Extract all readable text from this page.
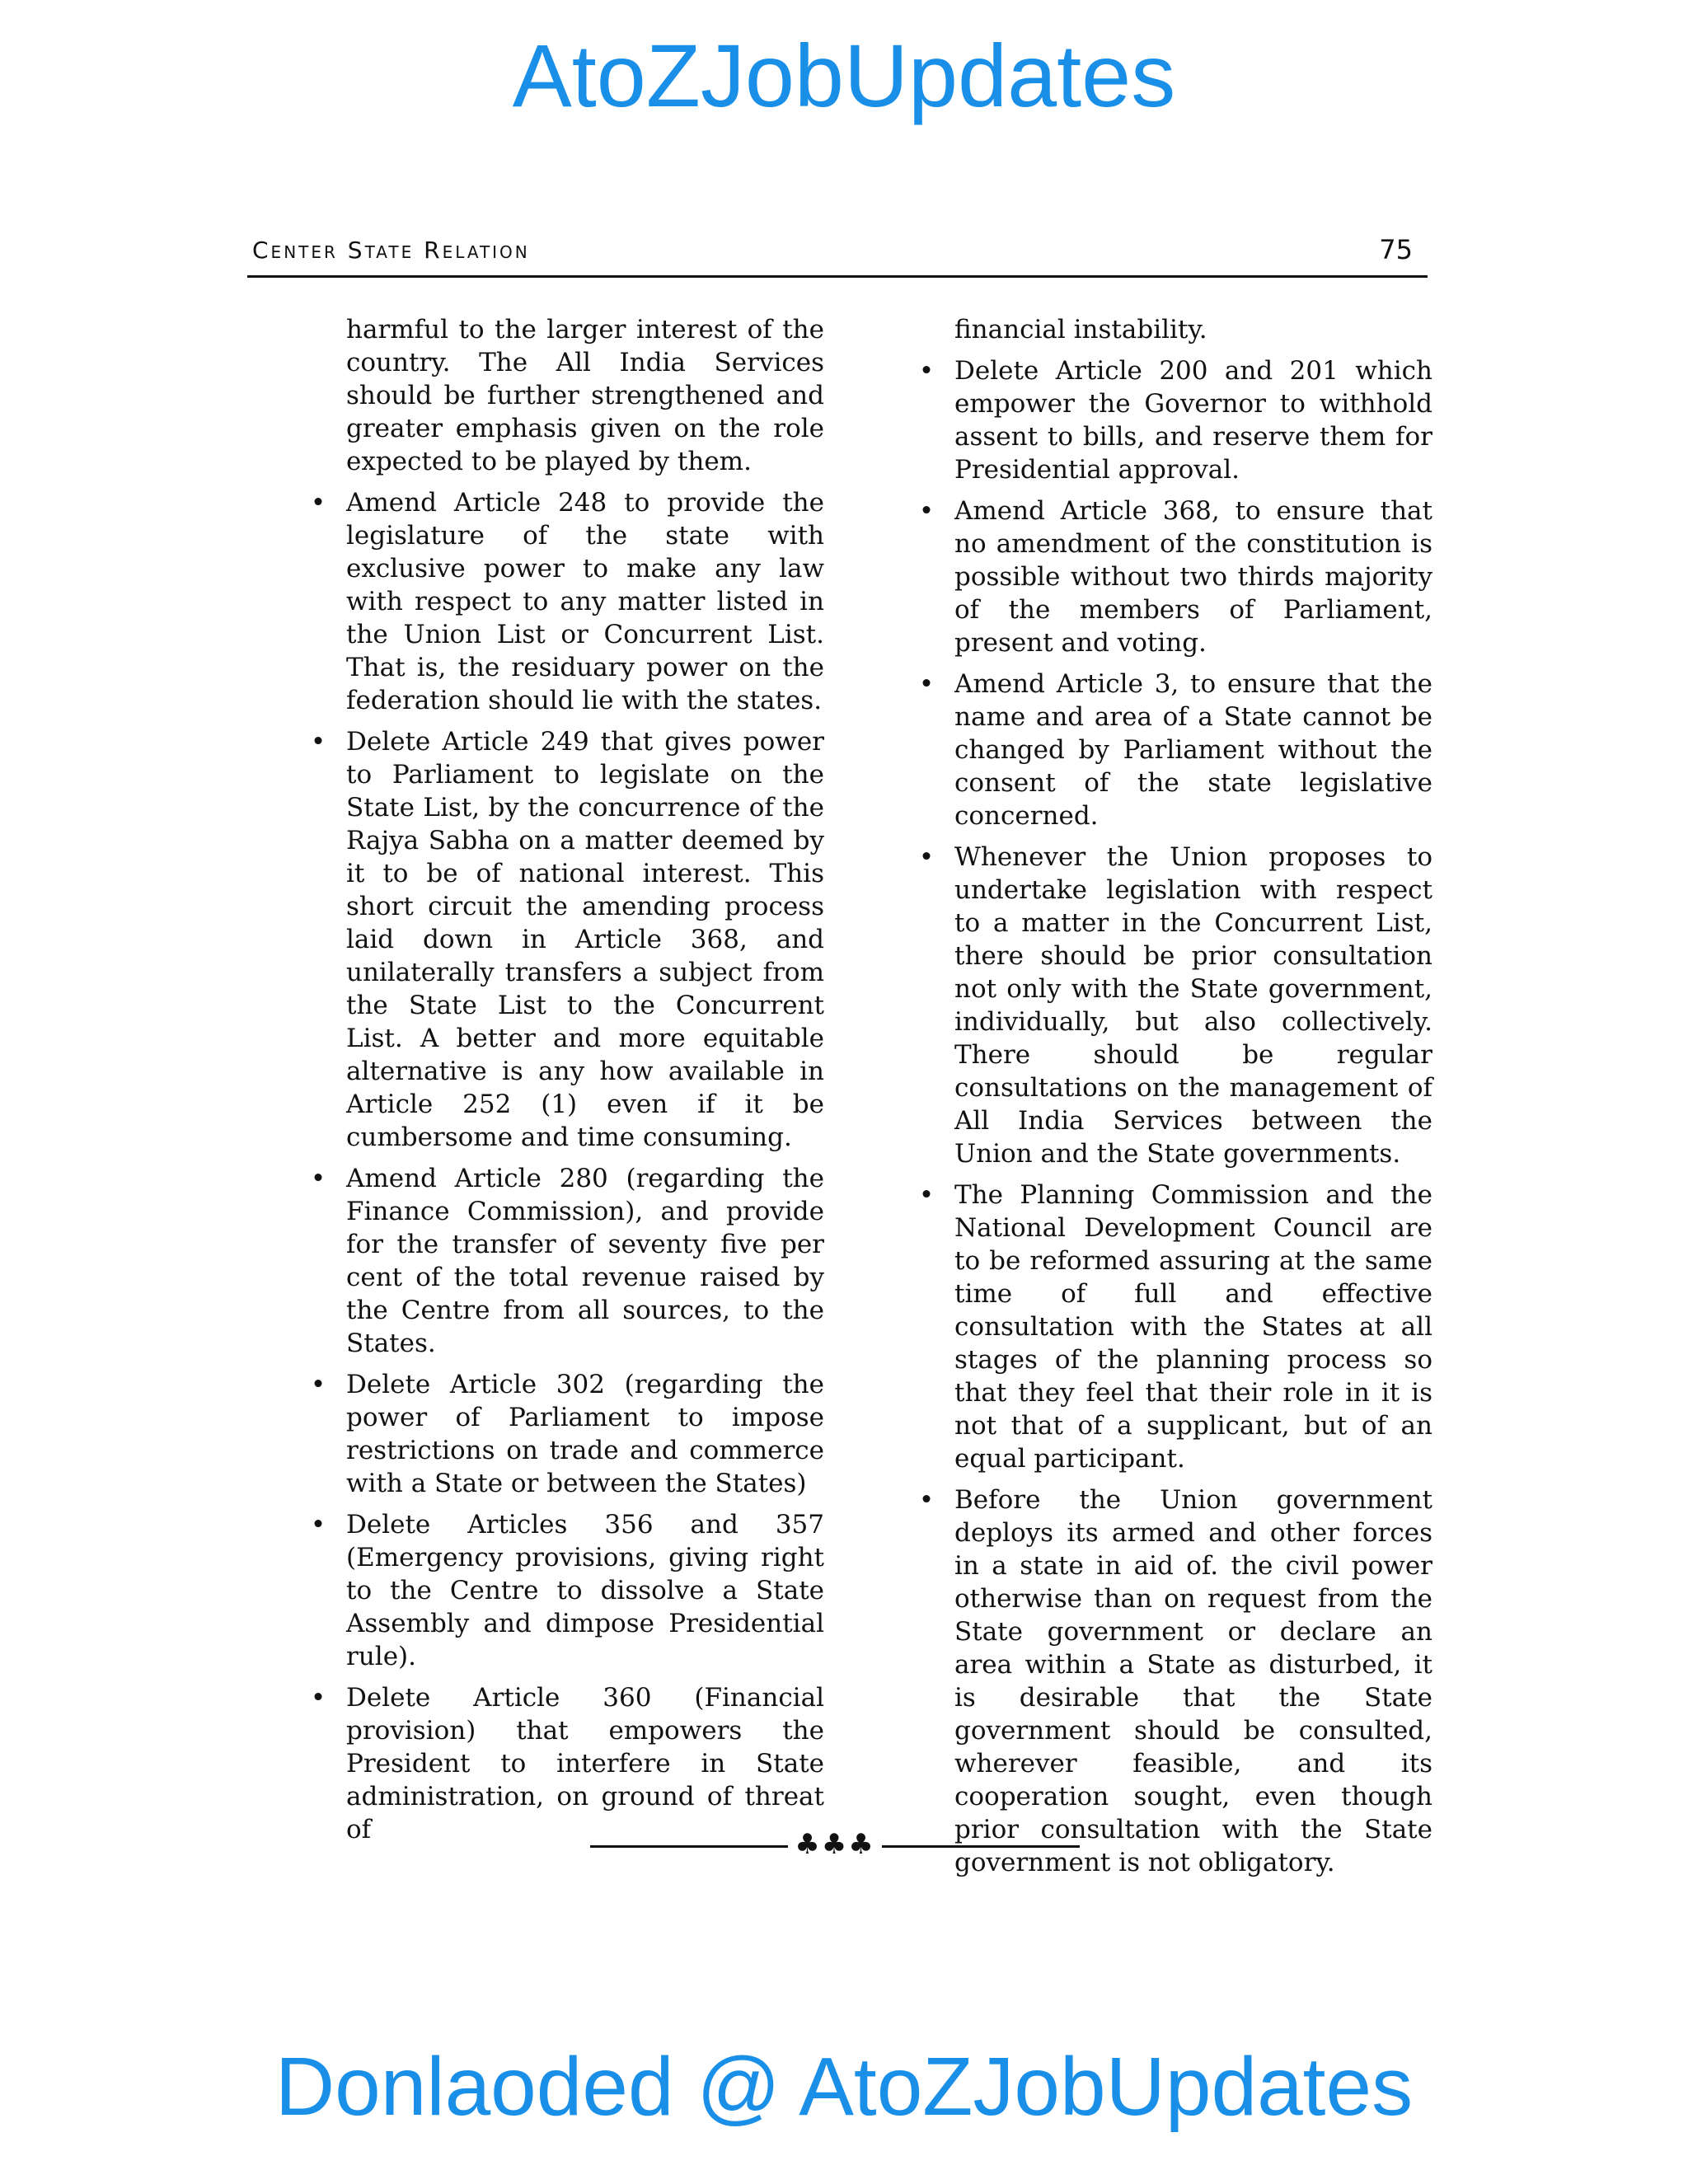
AtoZJobUpdates
Center State Relation	75

harmful to the larger interest of the country. The All India Services should be further strengthened and greater emphasis given on the role expected to be played by them.

• Amend Article 248 to provide the legislature of the state with exclusive power to make any law with respect to any matter listed in the Union List or Concurrent List. That is, the residuary power on the federation should lie with the states.
• Delete Article 249 that gives power to Parliament to legislate on the State List, by the concurrence of the Rajya Sabha on a matter deemed by it to be of national interest. This short circuit the amending process laid down in Article 368, and unilaterally transfers a subject from the State List to the Concurrent List. A better and more equitable alternative is any how available in Article 252 (1) even if it be cumbersome and time consuming.
• Amend Article 280 (regarding the Finance Commission), and provide for the transfer of seventy five per cent of the total revenue raised by the Centre from all sources, to the States.
• Delete Article 302 (regarding the power of Parliament to impose restrictions on trade and commerce with a State or between the States)
• Delete Articles 356 and 357 (Emergency provisions, giving right to the Centre to dissolve a State Assembly and dimpose Presidential rule).
• Delete Article 360 (Financial provision) that empowers the President to interfere in State administration, on ground of threat of

financial instability.

• Delete Article 200 and 201 which empower the Governor to withhold assent to bills, and reserve them for Presidential approval.
• Amend Article 368, to ensure that no amendment of the constitution is possible without two thirds majority of the members of Parliament, present and voting.
• Amend Article 3, to ensure that the name and area of a State cannot be changed by Parliament without the consent of the state legislative concerned.
• Whenever the Union proposes to undertake legislation with respect to a matter in the Concurrent List, there should be prior consultation not only with the State government, individually, but also collectively. There should be regular consultations on the management of All India Services between the Union and the State governments.
• The Planning Commission and the National Development Council are to be reformed assuring at the same time of full and effective consultation with the States at all stages of the planning process so that they feel that their role in it is not that of a supplicant, but of an equal participant.
• Before the Union government deploys its armed and other forces in a state in aid of. the civil power otherwise than on request from the State government or declare an area within a State as disturbed, it is desirable that the State government should be consulted, wherever feasible, and its cooperation sought, even though prior consultation with the State government is not obligatory.
♣♣♣
Donlaoded @ AtoZJobUpdates
